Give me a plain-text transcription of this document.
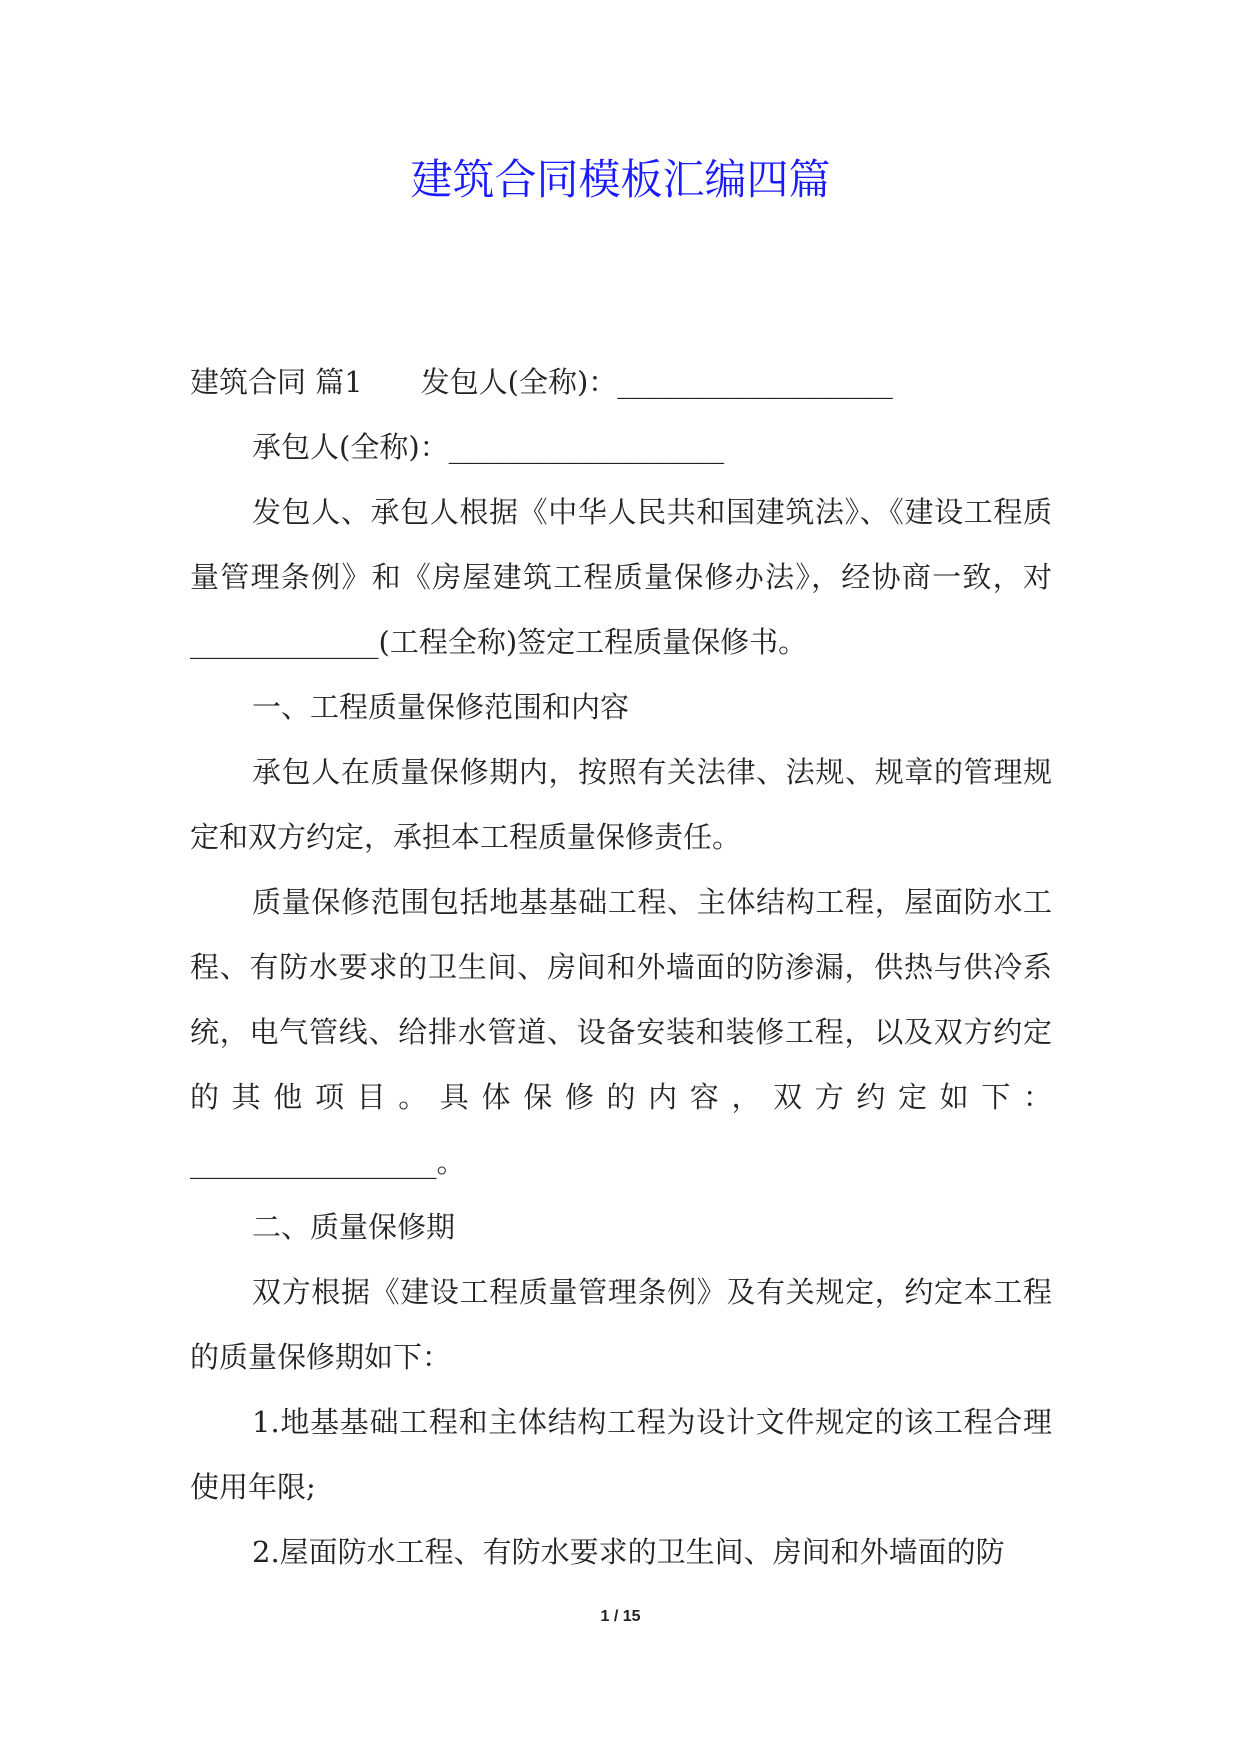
建筑合同模板汇编四篇

建筑合同 篇1　　发包人(全称)：___________________

承包人(全称)：___________________

发包人、承包人根据《中华人民共和国建筑法》、《建设工程质量管理条例》和《房屋建筑工程质量保修办法》，经协商一致，对 _____________(工程全称)签定工程质量保修书。

一、工程质量保修范围和内容

承包人在质量保修期内，按照有关法律、法规、规章的管理规定和双方约定，承担本工程质量保修责任。

质量保修范围包括地基基础工程、主体结构工程，屋面防水工程、有防水要求的卫生间、房间和外墙面的防渗漏，供热与供冷系统，电气管线、给排水管道、设备安装和装修工程，以及双方约定的其他项目。具体保修的内容，双方约定如下：

_________________。

二、质量保修期

双方根据《建设工程质量管理条例》及有关规定，约定本工程的质量保修期如下：

1.地基基础工程和主体结构工程为设计文件规定的该工程合理使用年限;

2.屋面防水工程、有防水要求的卫生间、房间和外墙面的防

1 / 15
